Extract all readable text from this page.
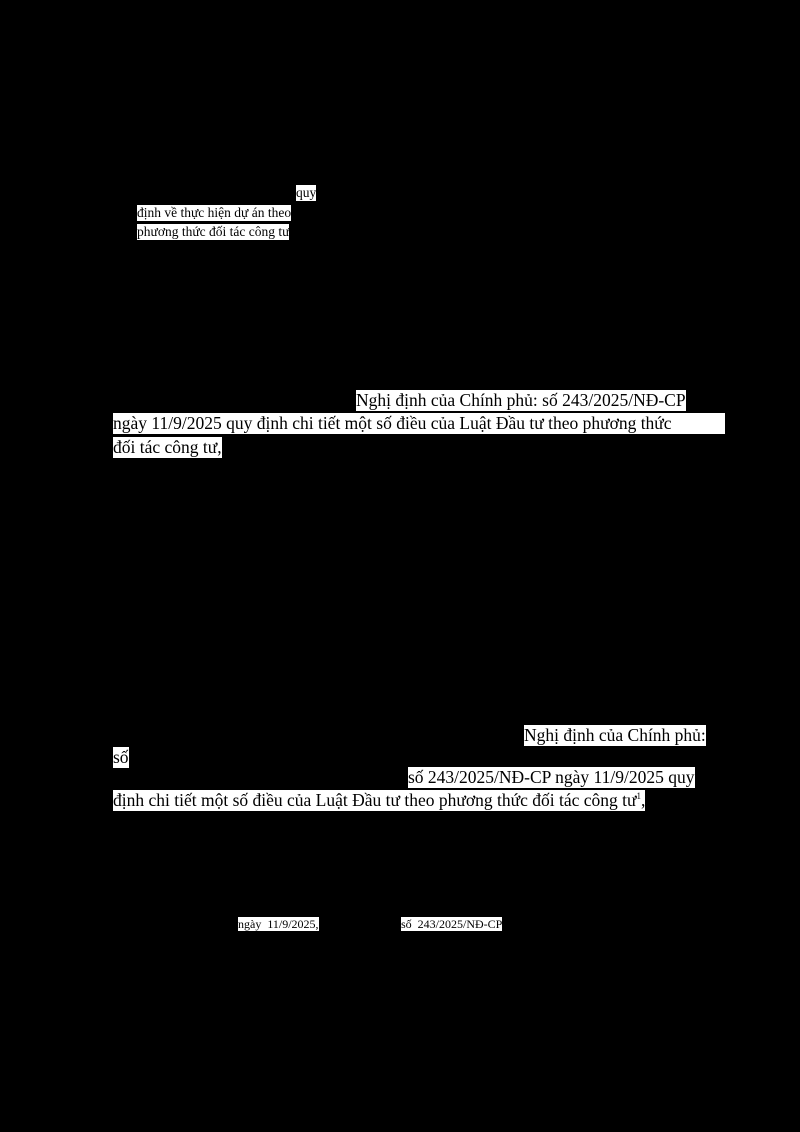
quy
định về thực hiện dự án theo
phương thức đối tác công tư
Nghị định của Chính phủ: số 243/2025/NĐ-CP
ngày 11/9/2025 quy định chi tiết một số điều của Luật Đầu tư theo phương thức
đối tác công tư,
Nghị định của Chính phủ:
số
số 243/2025/NĐ-CP ngày 11/9/2025 quy
định chi tiết một số điều của Luật Đầu tư theo phương thức đối tác công $tư^1$,
ngày  11/9/2025,	số  243/2025/NĐ-CP
